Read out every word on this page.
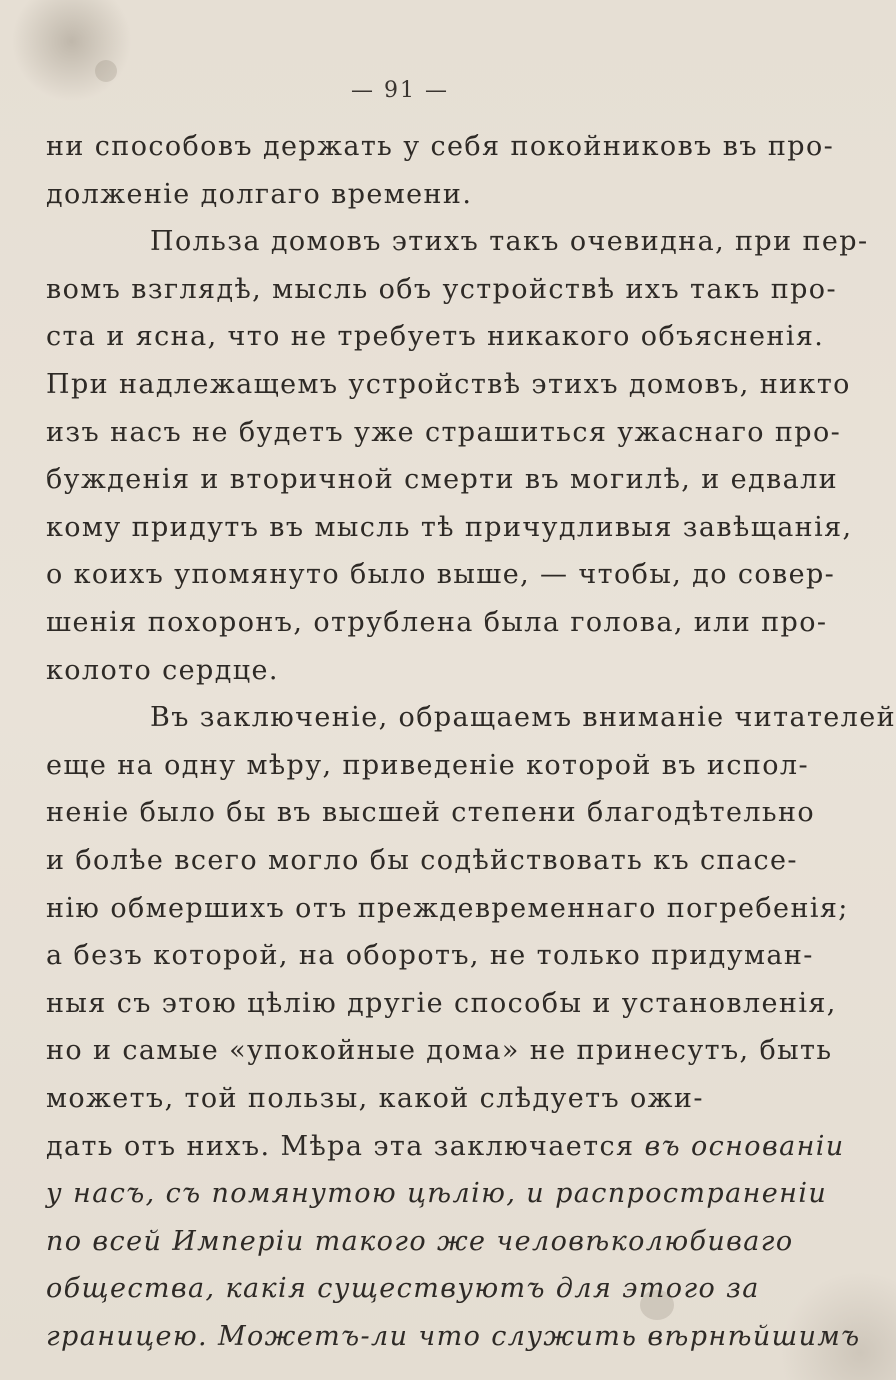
— 91 —
ни способовъ держать у себя покойниковъ въ про-
долженіе долгаго времени.
Польза домовъ этихъ такъ очевидна, при пер-
вомъ взглядѣ, мысль объ устройствѣ ихъ такъ про-
ста и ясна, что не требуетъ никакого объясненія.
При надлежащемъ устройствѣ этихъ домовъ, никто
изъ насъ не будетъ уже страшиться ужаснаго про-
бужденія и вторичной смерти въ могилѣ, и едвали
кому придутъ въ мысль тѣ причудливыя завѣщанія,
о коихъ упомянуто было выше, — чтобы, до совер-
шенія похоронъ, отрублена была голова, или про-
колото сердце.
Въ заключеніе, обращаемъ вниманіе читателей
еще на одну мѣру, приведеніе которой въ испол-
неніе было бы въ высшей степени благодѣтельно
и болѣе всего могло бы содѣйствовать къ спасе-
нію обмершихъ отъ преждевременнаго погребенія;
а безъ которой, на оборотъ, не только придуман-
ныя съ этою цѣлію другіе способы и установленія,
но и самые «упокойные дома» не принесутъ, быть
можетъ, той пользы, какой слѣдуетъ ожи-
дать отъ нихъ. Мѣра эта заключается въ основаніи
у насъ, съ помянутою цѣлію, и распространеніи
по всей Имперіи такого же человѣколюбиваго
общества, какія существуютъ для этого за
границею. Можетъ-ли что служить вѣрнѣйшимъ
